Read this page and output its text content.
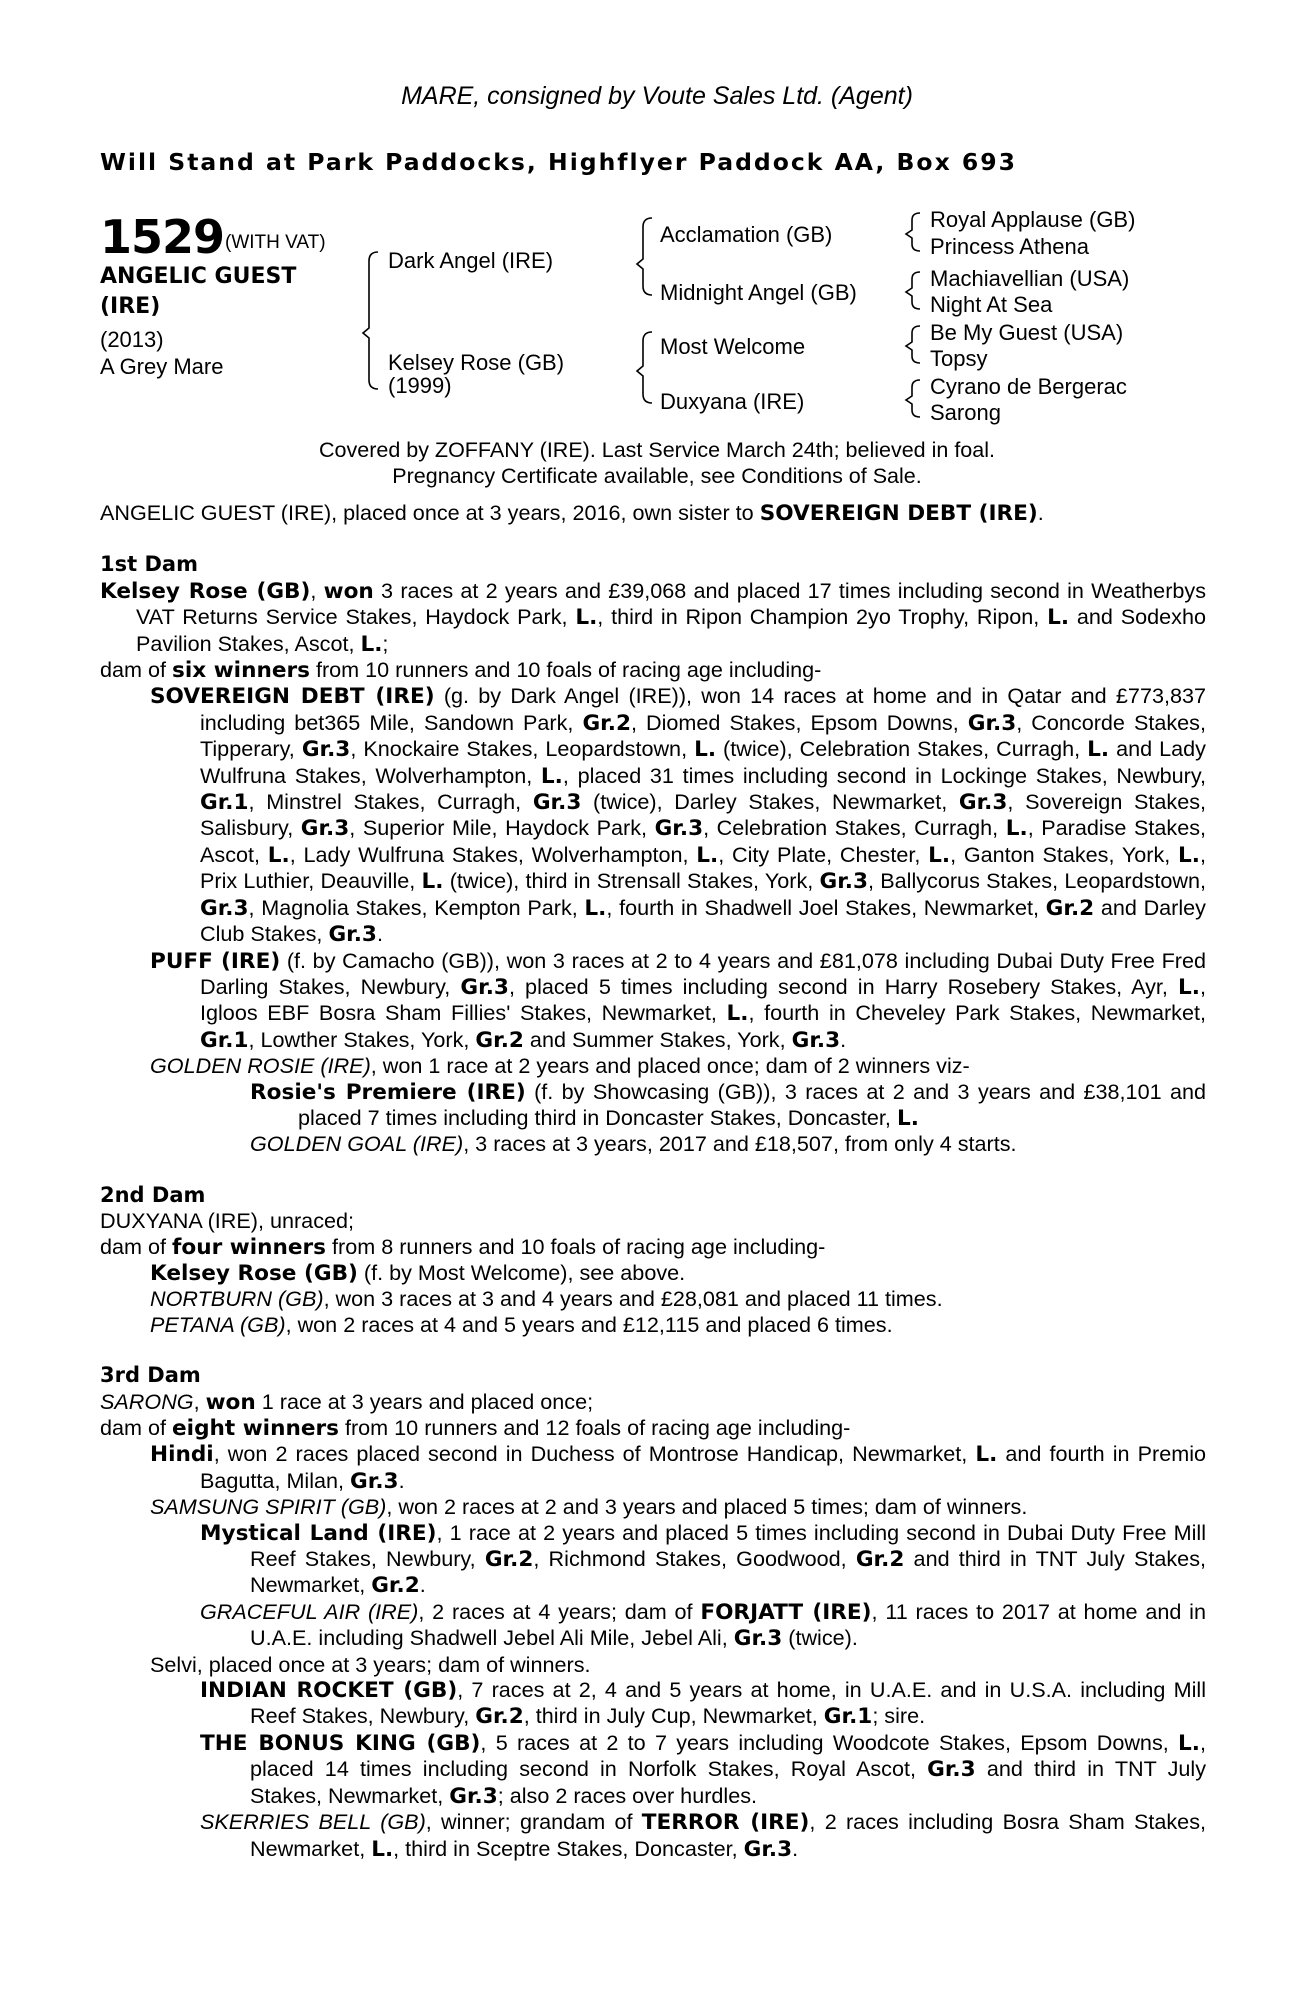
MARE, consigned by Voute Sales Ltd. (Agent)
Will Stand at Park Paddocks, Highflyer Paddock AA, Box 693
1529 (WITH VAT)
ANGELIC GUEST
(IRE)
(2013)
A Grey Mare
Dark Angel (IRE)
Kelsey Rose (GB)
(1999)
Acclamation (GB)
Midnight Angel (GB)
Most Welcome
Duxyana (IRE)
Royal Applause (GB)
Princess Athena
Machiavellian (USA)
Night At Sea
Be My Guest (USA)
Topsy
Cyrano de Bergerac
Sarong
Covered by ZOFFANY (IRE). Last Service March 24th; believed in foal.
Pregnancy Certificate available, see Conditions of Sale.

ANGELIC GUEST (IRE), placed once at 3 years, 2016, own sister to SOVEREIGN DEBT (IRE).

1st Dam

Kelsey Rose (GB), won 3 races at 2 years and £39,068 and placed 17 times including second in Weatherbys VAT Returns Service Stakes, Haydock Park, L., third in Ripon Champion 2yo Trophy, Ripon, L. and Sodexho Pavilion Stakes, Ascot, L.;

dam of six winners from 10 runners and 10 foals of racing age including-

SOVEREIGN DEBT (IRE) (g. by Dark Angel (IRE)), won 14 races at home and in Qatar and £773,837 including bet365 Mile, Sandown Park, Gr.2, Diomed Stakes, Epsom Downs, Gr.3, Concorde Stakes, Tipperary, Gr.3, Knockaire Stakes, Leopardstown, L. (twice), Celebration Stakes, Curragh, L. and Lady Wulfruna Stakes, Wolverhampton, L., placed 31 times including second in Lockinge Stakes, Newbury, Gr.1, Minstrel Stakes, Curragh, Gr.3 (twice), Darley Stakes, Newmarket, Gr.3, Sovereign Stakes, Salisbury, Gr.3, Superior Mile, Haydock Park, Gr.3, Celebration Stakes, Curragh, L., Paradise Stakes, Ascot, L., Lady Wulfruna Stakes, Wolverhampton, L., City Plate, Chester, L., Ganton Stakes, York, L., Prix Luthier, Deauville, L. (twice), third in Strensall Stakes, York, Gr.3, Ballycorus Stakes, Leopardstown, Gr.3, Magnolia Stakes, Kempton Park, L., fourth in Shadwell Joel Stakes, Newmarket, Gr.2 and Darley Club Stakes, Gr.3.

PUFF (IRE) (f. by Camacho (GB)), won 3 races at 2 to 4 years and £81,078 including Dubai Duty Free Fred Darling Stakes, Newbury, Gr.3, placed 5 times including second in Harry Rosebery Stakes, Ayr, L., Igloos EBF Bosra Sham Fillies' Stakes, Newmarket, L., fourth in Cheveley Park Stakes, Newmarket, Gr.1, Lowther Stakes, York, Gr.2 and Summer Stakes, York, Gr.3.

GOLDEN ROSIE (IRE), won 1 race at 2 years and placed once; dam of 2 winners viz-

Rosie's Premiere (IRE) (f. by Showcasing (GB)), 3 races at 2 and 3 years and £38,101 and placed 7 times including third in Doncaster Stakes, Doncaster, L.

GOLDEN GOAL (IRE), 3 races at 3 years, 2017 and £18,507, from only 4 starts.

2nd Dam

DUXYANA (IRE), unraced;

dam of four winners from 8 runners and 10 foals of racing age including-

Kelsey Rose (GB) (f. by Most Welcome), see above.

NORTBURN (GB), won 3 races at 3 and 4 years and £28,081 and placed 11 times.

PETANA (GB), won 2 races at 4 and 5 years and £12,115 and placed 6 times.

3rd Dam

SARONG, won 1 race at 3 years and placed once;

dam of eight winners from 10 runners and 12 foals of racing age including-

Hindi, won 2 races placed second in Duchess of Montrose Handicap, Newmarket, L. and fourth in Premio Bagutta, Milan, Gr.3.

SAMSUNG SPIRIT (GB), won 2 races at 2 and 3 years and placed 5 times; dam of winners.

Mystical Land (IRE), 1 race at 2 years and placed 5 times including second in Dubai Duty Free Mill Reef Stakes, Newbury, Gr.2, Richmond Stakes, Goodwood, Gr.2 and third in TNT July Stakes, Newmarket, Gr.2.

GRACEFUL AIR (IRE), 2 races at 4 years; dam of FORJATT (IRE), 11 races to 2017 at home and in U.A.E. including Shadwell Jebel Ali Mile, Jebel Ali, Gr.3 (twice).

Selvi, placed once at 3 years; dam of winners.

INDIAN ROCKET (GB), 7 races at 2, 4 and 5 years at home, in U.A.E. and in U.S.A. including Mill Reef Stakes, Newbury, Gr.2, third in July Cup, Newmarket, Gr.1; sire.

THE BONUS KING (GB), 5 races at 2 to 7 years including Woodcote Stakes, Epsom Downs, L., placed 14 times including second in Norfolk Stakes, Royal Ascot, Gr.3 and third in TNT July Stakes, Newmarket, Gr.3; also 2 races over hurdles.

SKERRIES BELL (GB), winner; grandam of TERROR (IRE), 2 races including Bosra Sham Stakes, Newmarket, L., third in Sceptre Stakes, Doncaster, Gr.3.
